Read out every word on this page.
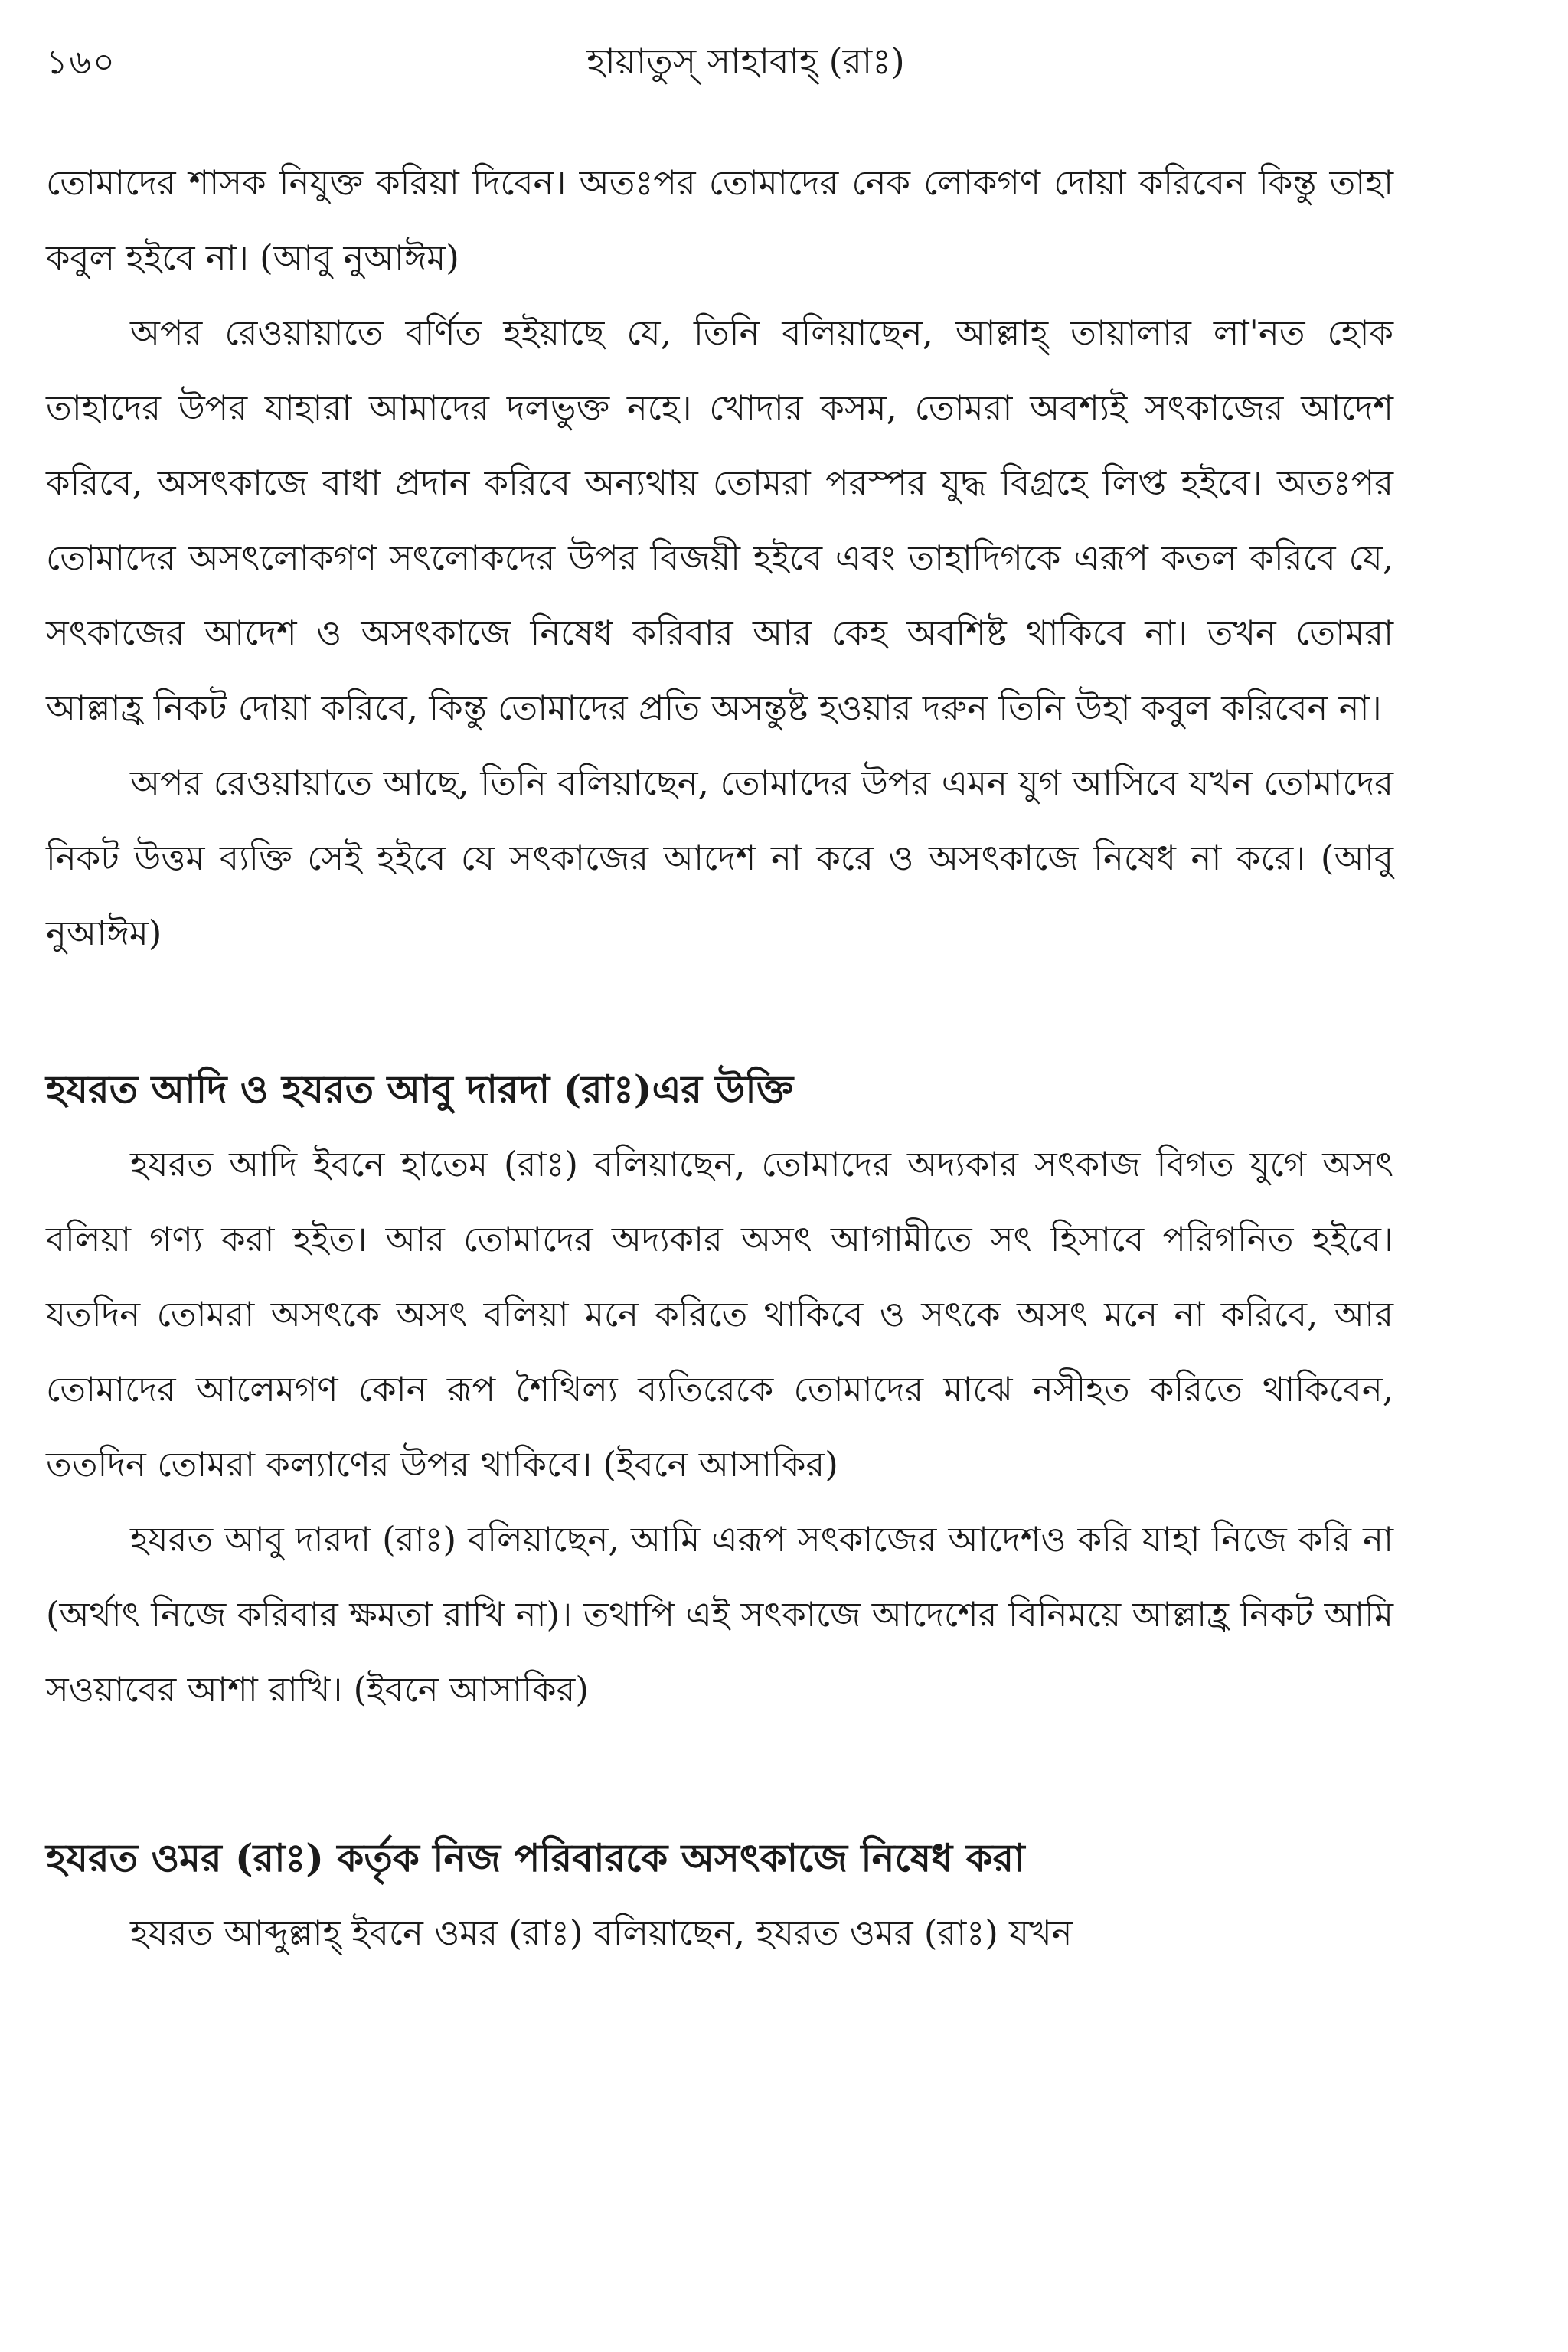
১৬০	হায়াতুস্ সাহাবাহ্ (রাঃ)

তোমাদের শাসক নিযুক্ত করিয়া দিবেন। অতঃপর তোমাদের নেক লোকগণ দোয়া করিবেন কিন্তু তাহা কবুল হইবে না। (আবু নুআঈম)

অপর রেওয়ায়াতে বর্ণিত হইয়াছে যে, তিনি বলিয়াছেন, আল্লাহ্ তায়ালার লা'নত হোক তাহাদের উপর যাহারা আমাদের দলভুক্ত নহে। খোদার কসম, তোমরা অবশ্যই সৎকাজের আদেশ করিবে, অসৎকাজে বাধা প্রদান করিবে অন্যথায় তোমরা পরস্পর যুদ্ধ বিগ্রহে লিপ্ত হইবে। অতঃপর তোমাদের অসৎলোকগণ সৎলোকদের উপর বিজয়ী হইবে এবং তাহাদিগকে এরূপ কতল করিবে যে, সৎকাজের আদেশ ও অসৎকাজে নিষেধ করিবার আর কেহ অবশিষ্ট থাকিবে না। তখন তোমরা আল্লাহ্র নিকট দোয়া করিবে, কিন্তু তোমাদের প্রতি অসন্তুষ্ট হওয়ার দরুন তিনি উহা কবুল করিবেন না।

অপর রেওয়ায়াতে আছে, তিনি বলিয়াছেন, তোমাদের উপর এমন যুগ আসিবে যখন তোমাদের নিকট উত্তম ব্যক্তি সেই হইবে যে সৎকাজের আদেশ না করে ও অসৎকাজে নিষেধ না করে। (আবু নুআঈম)

হযরত আদি ও হযরত আবু দারদা (রাঃ)এর উক্তি

হযরত আদি ইবনে হাতেম (রাঃ) বলিয়াছেন, তোমাদের অদ্যকার সৎকাজ বিগত যুগে অসৎ বলিয়া গণ্য করা হইত। আর তোমাদের অদ্যকার অসৎ আগামীতে সৎ হিসাবে পরিগনিত হইবে। যতদিন তোমরা অসৎকে অসৎ বলিয়া মনে করিতে থাকিবে ও সৎকে অসৎ মনে না করিবে, আর তোমাদের আলেমগণ কোন রূপ শৈথিল্য ব্যতিরেকে তোমাদের মাঝে নসীহত করিতে থাকিবেন, ততদিন তোমরা কল্যাণের উপর থাকিবে। (ইবনে আসাকির)

হযরত আবু দারদা (রাঃ) বলিয়াছেন, আমি এরূপ সৎকাজের আদেশও করি যাহা নিজে করি না (অর্থাৎ নিজে করিবার ক্ষমতা রাখি না)। তথাপি এই সৎকাজে আদেশের বিনিময়ে আল্লাহ্র নিকট আমি সওয়াবের আশা রাখি। (ইবনে আসাকির)

হযরত ওমর (রাঃ) কর্তৃক নিজ পরিবারকে অসৎকাজে নিষেধ করা

হযরত আব্দুল্লাহ্ ইবনে ওমর (রাঃ) বলিয়াছেন, হযরত ওমর (রাঃ) যখন
